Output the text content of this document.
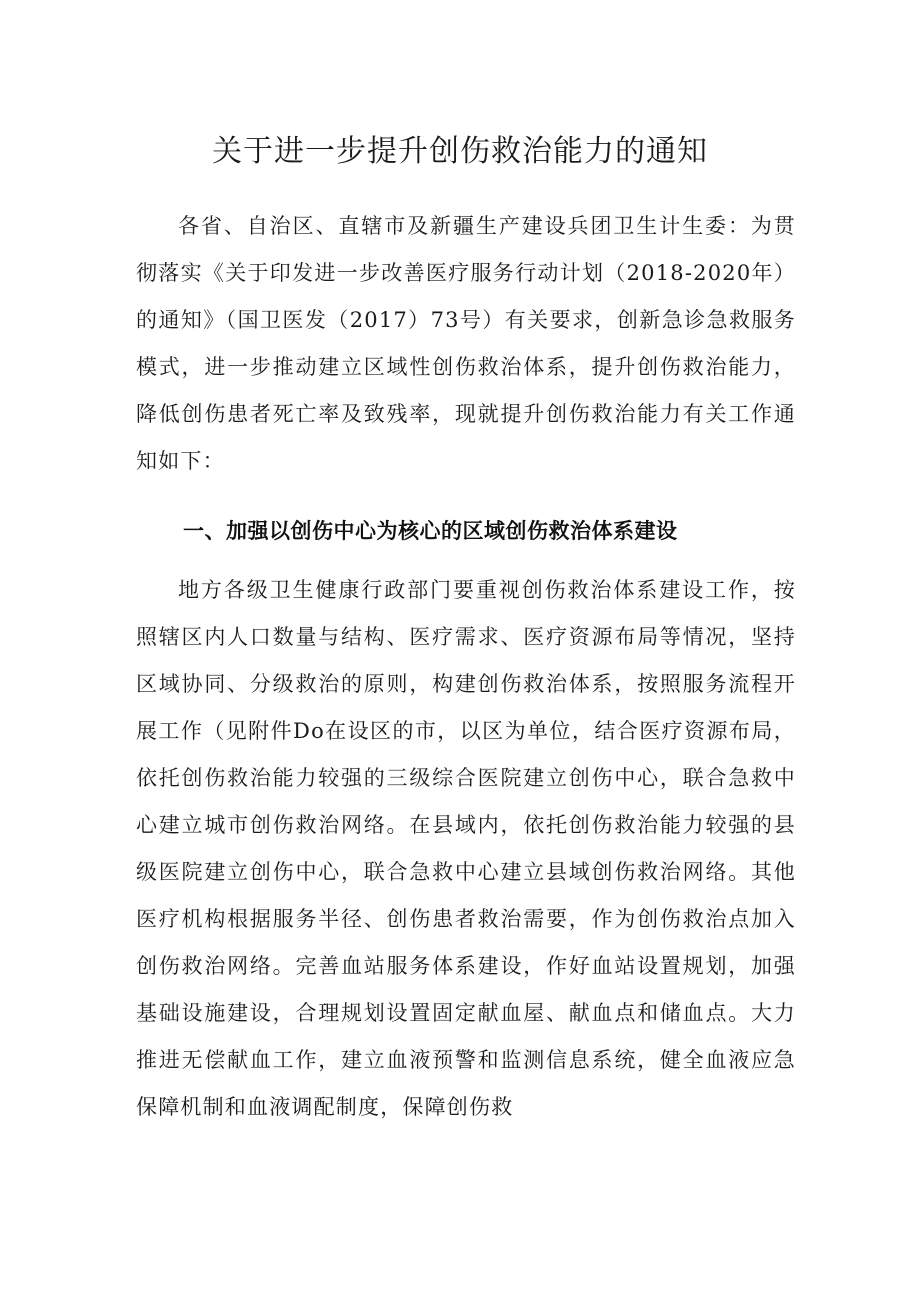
关于进一步提升创伤救治能力的通知

各省、自治区、直辖市及新疆生产建设兵团卫生计生委：为贯彻落实《关于印发进一步改善医疗服务行动计划（2018-2020年）的通知》（国卫医发（2017）73号）有关要求，创新急诊急救服务模式，进一步推动建立区域性创伤救治体系，提升创伤救治能力，降低创伤患者死亡率及致残率，现就提升创伤救治能力有关工作通知如下：

一、加强以创伤中心为核心的区域创伤救治体系建设

地方各级卫生健康行政部门要重视创伤救治体系建设工作，按照辖区内人口数量与结构、医疗需求、医疗资源布局等情况，坚持区域协同、分级救治的原则，构建创伤救治体系，按照服务流程开展工作（见附件Do在设区的市，以区为单位，结合医疗资源布局，依托创伤救治能力较强的三级综合医院建立创伤中心，联合急救中心建立城市创伤救治网络。在县域内，依托创伤救治能力较强的县级医院建立创伤中心，联合急救中心建立县域创伤救治网络。其他医疗机构根据服务半径、创伤患者救治需要，作为创伤救治点加入创伤救治网络。完善血站服务体系建设，作好血站设置规划，加强基础设施建设，合理规划设置固定献血屋、献血点和储血点。大力推进无偿献血工作，建立血液预警和监测信息系统，健全血液应急保障机制和血液调配制度，保障创伤救
